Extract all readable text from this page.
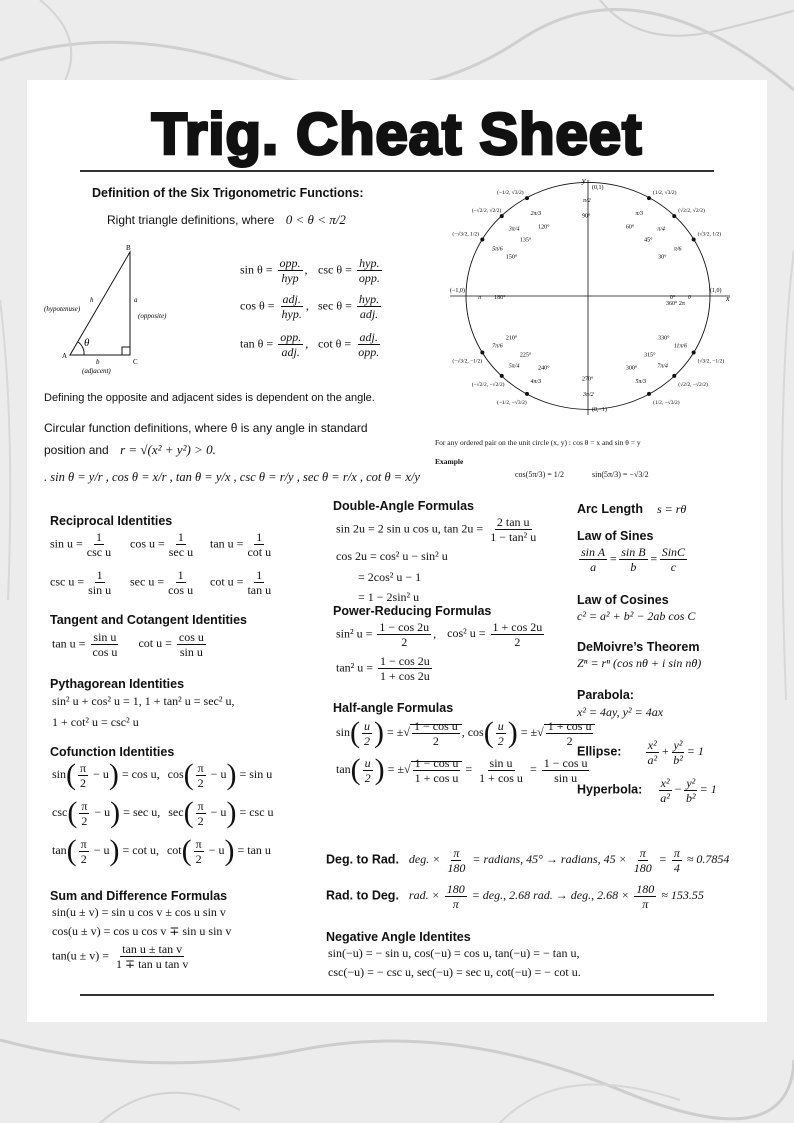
Trig. Cheat Sheet
Definition of the Six Trigonometric Functions:
Right triangle definitions, where 0 < θ < π/2
B
A
C
h
(hypotenuse)
a
(opposite)
b
(adjacent)
θ
$\sin \theta = \frac{\text{opp.}}{\text{hyp}}$ , $\csc \theta = \frac{\text{hyp.}}{\text{opp.}}$
$\cos \theta = \frac{\text{adj.}}{\text{hyp.}}$ , $\sec \theta = \frac{\text{hyp.}}{\text{adj.}}$
$\tan \theta = \frac{\text{opp.}}{\text{adj.}}$ , $\cot \theta = \frac{\text{adj.}}{\text{opp.}}$
Defining the opposite and adjacent sides is dependent on the angle.
Circular function definitions, where θ is any angle in standard
position and r = √(x² + y²) > 0.
. sin θ = y/r , cos θ = x/r , tan θ = y/x , csc θ = r/y , sec θ = r/x , cot θ = x/y
x
y
(0,1)
(0,−1)
(−1,0)	(1,0)
90°
π/2
60°
π/3
(1/2, √3/2)
45°
π/4
(√2/2, √2/2)
30°
π/6
(√3/2, 1/2)
0° 0
120°
2π/3
(−1/2, √3/2)
135°
3π/4
(−√2/2, √2/2)
150°
5π/6
(−√3/2, 1/2)
180°
π
210°
7π/6
(−√3/2, −1/2)
225°
5π/4
(−√2/2, −√2/2)
240°
4π/3
(−1/2, −√3/2)
270°
3π/2
300°
5π/3
(1/2, −√3/2)
315°
7π/4
(√2/2, −√2/2)
330°
11π/6
(√3/2, −1/2)
360° 2π
For any ordered pair on the unit circle (x, y) : cos θ = x and sin θ = y
Example
cos(5π/3) = 1/2	sin(5π/3) = −√3/2
Reciprocal Identities
$\sin u = \frac{1}{\text{csc u}}$ $\cos u = \frac{1}{\text{sec u}}$ $\tan u = \frac{1}{\text{cot u}}$
$\csc u = \frac{1}{\text{sin u}}$ $\sec u = \frac{1}{\text{cos u}}$ $\cot u = \frac{1}{\text{tan u}}$
Tangent and Cotangent Identities
$\tan u = \frac{\text{sin u}}{\text{cos u}}$ $\cot u = \frac{\text{cos u}}{\text{sin u}}$
Pythagorean Identities
sin² u + cos² u = 1, 1 + tan² u = sec² u,
1 + cot² u = csc² u
Cofunction Identities
$\sin( \frac{\pi}{2} - u) = \cos u$, $\cos( \frac{\pi}{2} - u) = \sin u$
$\csc( \frac{\pi}{2} - u) = \sec u$, $\sec( \frac{\pi}{2} - u) = \csc u$
$\tan( \frac{\pi}{2} - u) = \cot u$, $\cot( \frac{\pi}{2} - u) = \tan u$
Sum and Difference Formulas
sin(u ± v) = sin u cos v ± cos u sin v
cos(u ± v) = cos u cos v ∓ sin u sin v
$\tan(u \pm v) = \frac{\text{tan u ± tan v}}{\text{1 ∓ tan u tan v}}$
Double-Angle Formulas
sin 2u = 2 sin u cos u, $\tan 2u = \frac{\text{2 tan u}}{\text{1 − tan² u}}$
cos 2u = cos² u − sin² u
= 2cos² u − 1
= 1 − 2sin² u
Power-Reducing Formulas
sin² $u = \frac{1 - \cos 2u}{2}$ , cos² $u = \frac{1 + \cos 2u}{2}$
tan² $u = \frac{1 - \cos 2u}{1 + \cos 2u}$
Half-angle Formulas
$\sin( \frac{u}{2}$ ) = ±√ $\frac{\text{1 − cos u}}{2}$ , $\cos( \frac{u}{2}$ ) = ±√ $\frac{\text{1 + cos u}}{2}$
$\tan( \frac{u}{2}$ ) = ±√ $\frac{\text{1 − cos u}}{\text{1 + cos u}} = \frac{\text{sin u}}{\text{1 + cos u}} = \frac{\text{1 − cos u}}{\text{sin u}}$
Arc Length s = rθ
Law of Sines
$\frac{\text{sin A}}{a} = \frac{\text{sin B}}{b} = \frac{\text{SinC}}{c}$
Law of Cosines
c² = a² + b² − 2ab cos C
DeMoivre’s Theorem
Zⁿ = rⁿ (cos nθ + i sin nθ)
Parabola:
x² = 4ay, y² = 4ax
Ellipse: $\frac{\text{x²}}{\text{a²}} + \frac{\text{y²}}{\text{b²}} = 1$
Hyperbola: $\frac{\text{x²}}{\text{a²}} - \frac{\text{y²}}{\text{b²}} = 1$
Deg. to Rad. deg. × $\frac{\pi}{180}$ = radians, 45° → radians, $45 \times \frac{\pi}{180} = \frac{\pi}{4} \approx 0.7854$
Rad. to Deg. rad. × $\frac{180}{\pi}$ = deg., 2.68 rad. → deg., $2.68 \times \frac{180}{\pi} \approx 153.55$
Negative Angle Identites
sin(−u) = − sin u, cos(−u) = cos u, tan(−u) = − tan u,
csc(−u) = − csc u, sec(−u) = sec u, cot(−u) = − cot u.
